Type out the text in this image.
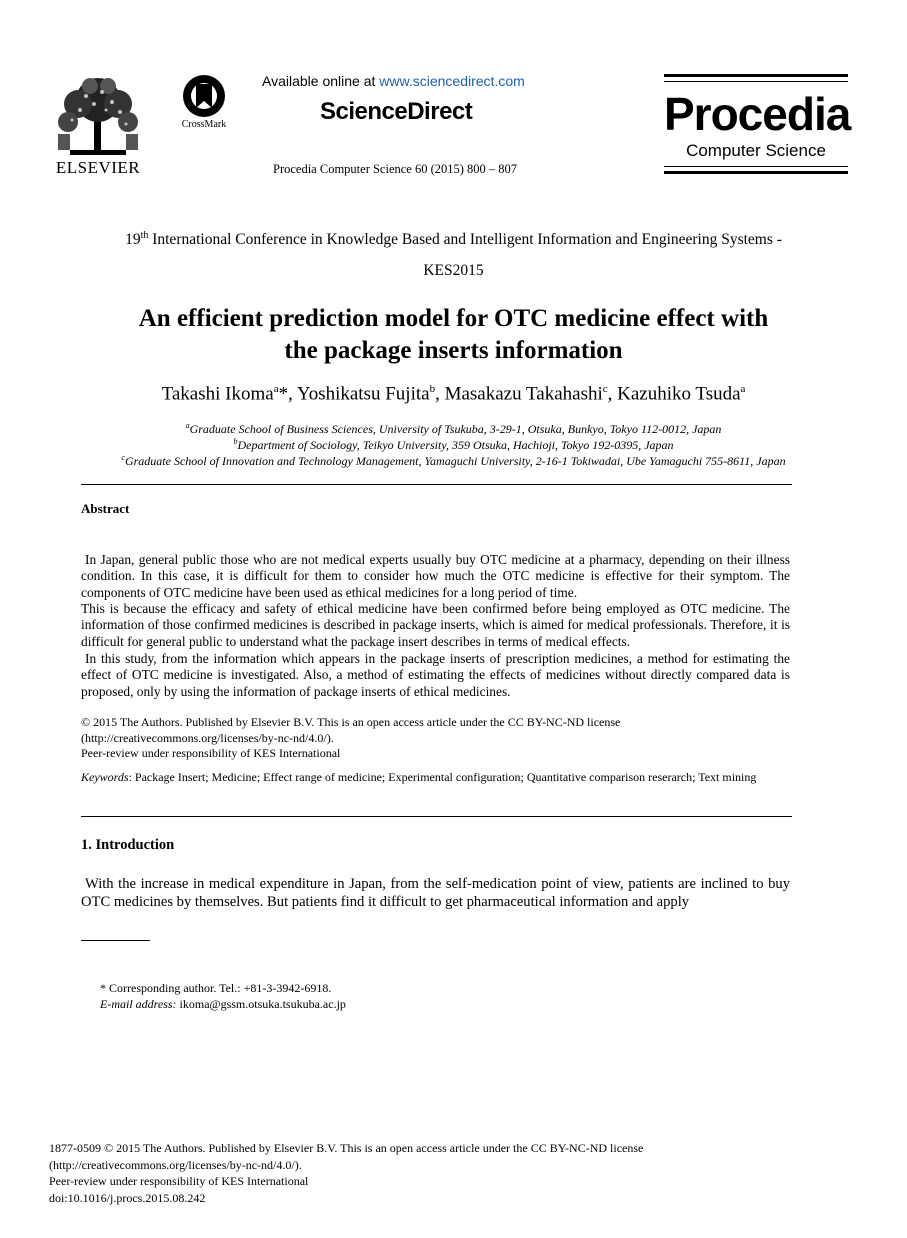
ELSEVIER
CrossMark
Available online at www.sciencedirect.com
ScienceDirect
Procedia Computer Science 60 (2015) 800 – 807
Procedia
Computer Science
19th International Conference in Knowledge Based and Intelligent Information and Engineering Systems -
KES2015
An efficient prediction model for OTC medicine effect with
the package inserts information
Takashi Ikoma$^a$*, Yoshikatsu Fujita$^b$, Masakazu Takahashi$^c$, Kazuhiko Tsuda$^a$
$^a$Graduate School of Business Sciences, University of Tsukuba, 3-29-1, Otsuka, Bunkyo, Tokyo 112-0012, Japan
$^b$Department of Sociology, Teikyo University, 359 Otsuka, Hachioji, Tokyo 192-0395, Japan
$^c$Graduate School of Innovation and Technology Management, Yamaguchi University, 2-16-1 Tokiwadai, Ube Yamaguchi 755-8611, Japan
Abstract
In Japan, general public those who are not medical experts usually buy OTC medicine at a pharmacy, depending on their illness condition. In this case, it is difficult for them to consider how much the OTC medicine is effective for their symptom. The components of OTC medicine have been used as ethical medicines for a long period of time.
This is because the efficacy and safety of ethical medicine have been confirmed before being employed as OTC medicine. The information of those confirmed medicines is described in package inserts, which is aimed for medical professionals. Therefore, it is difficult for general public to understand what the package insert describes in terms of medical effects.
In this study, from the information which appears in the package inserts of prescription medicines, a method for estimating the effect of OTC medicine is investigated. Also, a method of estimating the effects of medicines without directly compared data is proposed, only by using the information of package inserts of ethical medicines.
© 2015 The Authors. Published by Elsevier B.V. This is an open access article under the CC BY-NC-ND license
(http://creativecommons.org/licenses/by-nc-nd/4.0/).
Peer-review under responsibility of KES International
Keywords: Package Insert; Medicine; Effect range of medicine; Experimental configuration; Quantitative comparison reserarch; Text mining
1. Introduction
With the increase in medical expenditure in Japan, from the self-medication point of view, patients are inclined to buy OTC medicines by themselves. But patients find it difficult to get pharmaceutical information and apply
* Corresponding author. Tel.: +81-3-3942-6918.
E-mail address: ikoma@gssm.otsuka.tsukuba.ac.jp
1877-0509 © 2015 The Authors. Published by Elsevier B.V. This is an open access article under the CC BY-NC-ND license
(http://creativecommons.org/licenses/by-nc-nd/4.0/).
Peer-review under responsibility of KES International
doi:10.1016/j.procs.2015.08.242
